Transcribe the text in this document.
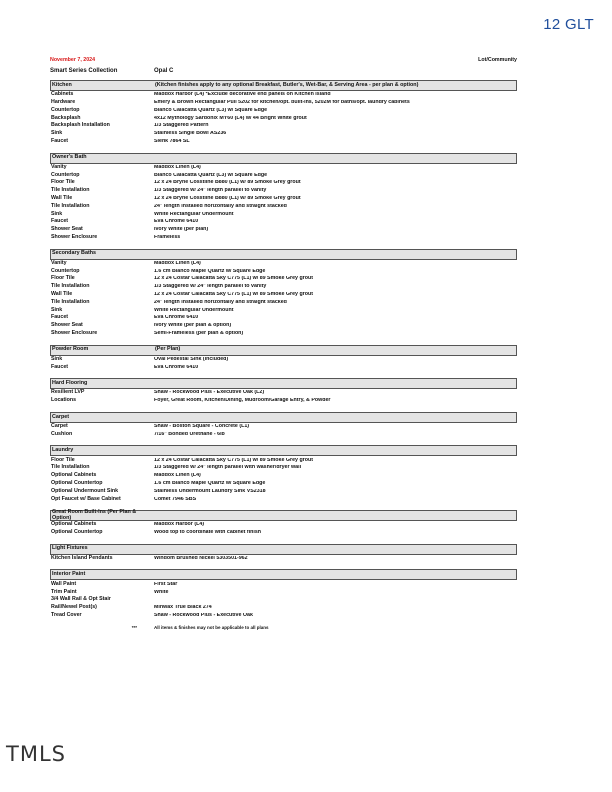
12 GLT
November 7, 2024	Lot/Community
Smart Series Collection	Opal C
Kitchen	(Kitchen finishes apply to any optional Breakfast, Butler's, Wet-Bar, & Serving Area - per plan & option)
Cabinets	Maddox Harbor (L4) *Exclude decorative end panels on Kitchen Island
Hardware	Emery & Brown Rectangular Pull 5202 for kitchen/opt. built-ins, 5202M for baths/opt. laundry cabinets
Countertop	Blanco Calacatta Quartz (L3) w/ Square Edge
Backsplash	4x12 Mythology Sardonix MY60 (L4) w/ 44 Bright White grout
Backsplash Installation	1/3 Staggered Pattern
Sink	Stainless Single Bowl AS236
Faucet	Sienk 7864 SL
Owner's Bath
Vanity	Maddox Linen (L4)
Countertop	Blanco Calacatta Quartz (L3) w/ Square Edge
Floor Tile	12 x 24 Bryne Cosstline B880 (L1) w/ 89 Smoke Grey grout
Tile Installation	1/3 Staggered w/ 24" length parallel to vanity
Wall Tile	12 x 24 Bryne Cosstline B880 (L1) w/ 89 Smoke Grey grout
Tile Installation	24" length installed horizontally and straight stacked
Sink	White Rectangular Undermount
Faucet	Eva Chrome 6410
Shower Seat	Ivory White (per plan)
Shower Enclosure	Frameless
Secondary Baths
Vanity	Maddox Linen (L4)
Countertop	1.6 cm Blanco Maple Quartz w/ Square Edge
Floor Tile	12 x 24 Costar Calacatta Sky C775 (L1) w/ 89 Smoke Grey grout
Tile Installation	1/3 Staggered w/ 24" length parallel to vanity
Wall Tile	12 x 24 Costar Calacatta Sky C775 (L1) w/ 89 Smoke Grey grout
Tile Installation	24" length installed horizontally and straight stacked
Sink	White Rectangular Undermount
Faucet	Eva Chrome 6410
Shower Seat	Ivory White (per plan & option)
Shower Enclosure	Semi-Frameless (per plan & option)
Powder Room	(Per Plan)
Sink	Oval Pedestal Sink (included)
Faucet	Eva Chrome 6410
Hard Flooring
Resilient LVP	Shaw - Rockwood Plus - Executive Oak (L2)
Locations	Foyer, Great Room, Kitchen/Dining, Mudroom/Garage Entry, & Powder
Carpet
Carpet	Shaw - Boston Square - Concrete (L1)
Cushion	7/16" Bonded Urethane - 6lb
Laundry
Floor Tile	12 x 24 Costar Calacatta Sky C775 (L1) w/ 89 Smoke Grey grout
Tile Installation	1/3 Staggered w/ 24" length parallel with washer/dryer wall
Optional Cabinets	Maddox Linen (L4)
Optional Countertop	1.6 cm Blanco Maple Quartz w/ Square Edge
Optional Undermount Sink	Stainless Undermount Laundry Sink VS2318
Opt Faucet w/ Base Cabinet	Comet 7946 SBS
Great Room Built-Ins (Per Plan & Option)
Optional Cabinets	Maddox Harbor (L4)
Optional Countertop	Wood top to coordinate with cabinet finish
Light Fixtures
Kitchen Island Pendants	Windom Brushed Nickel 5303501-962
Interior Paint
Wall Paint	First Star
Trim Paint	White
3/4 Wall Rail & Opt Stair
Rail/Newel Post(s)	Minwax True Black 274
Tread Cover	Shaw - Rockwood Plus - Executive Oak
***	All items & finishes may not be applicable to all plans
TMLS
